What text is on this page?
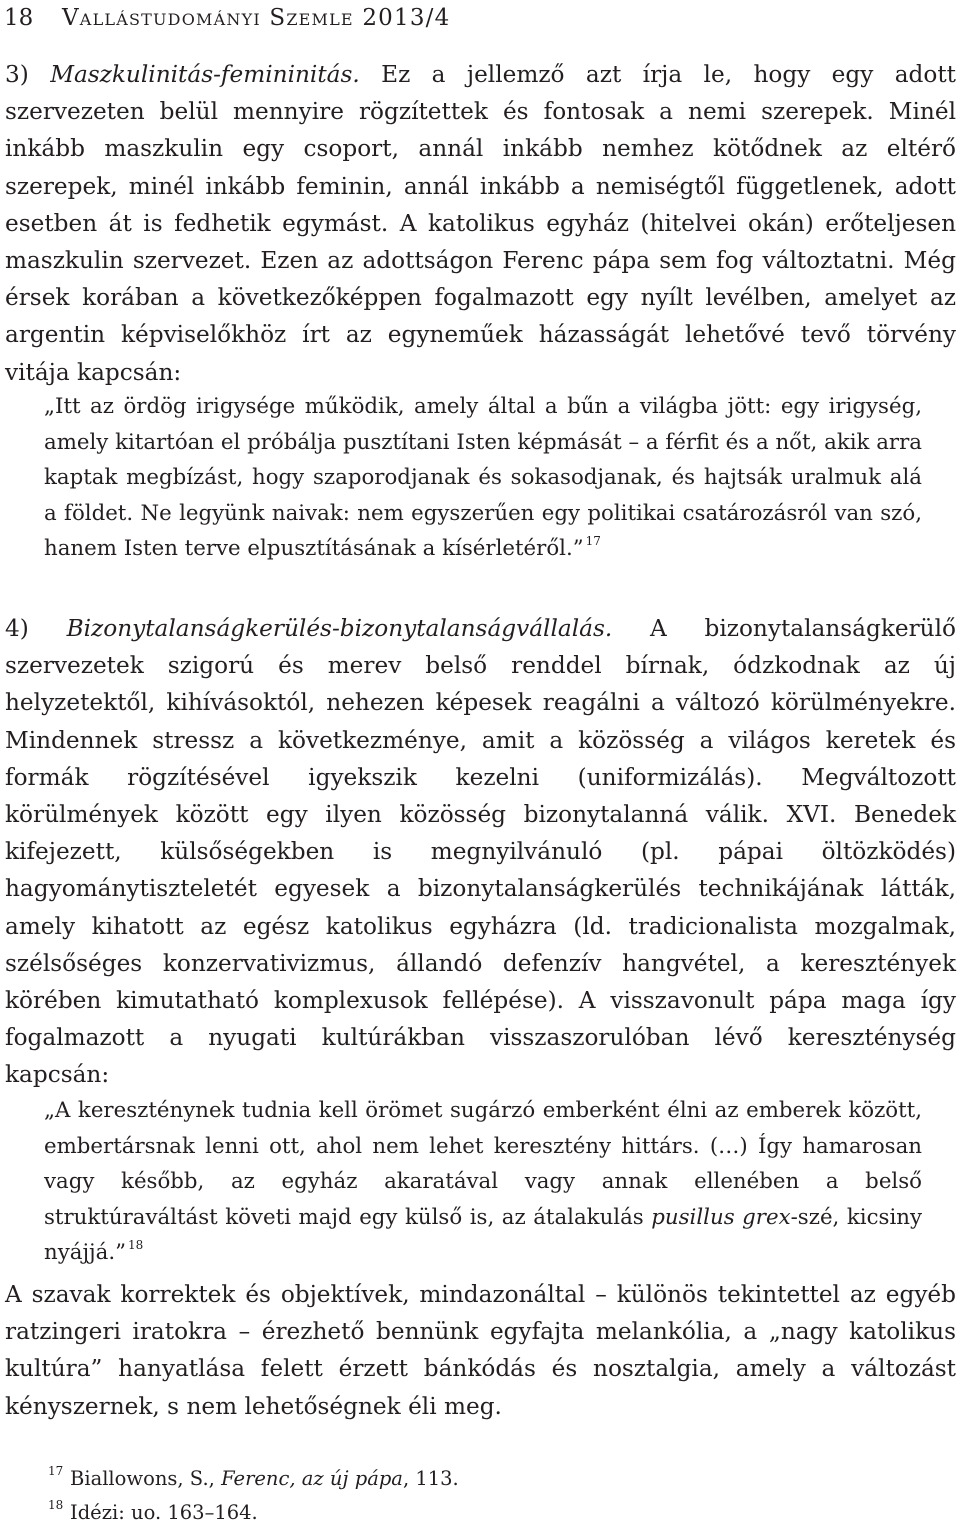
18 Vallástudományi Szemle 2013/4

3) Maszkulinitás-femininitás. Ez a jellemző azt írja le, hogy egy adott szervezeten belül mennyire rögzítettek és fontosak a nemi szerepek. Minél inkább maszkulin egy csoport, annál inkább nemhez kötődnek az eltérő szerepek, minél inkább feminin, annál inkább a nemiségtől függetlenek, adott esetben át is fedhetik egymást. A katolikus egyház (hitelvei okán) erőteljesen maszkulin szervezet. Ezen az adottságon Ferenc pápa sem fog változtatni. Még érsek korában a következőképpen fogalmazott egy nyílt levélben, amelyet az argentin képviselőkhöz írt az egyneműek házasságát lehetővé tevő törvény vitája kapcsán:

„Itt az ördög irigysége működik, amely által a bűn a világba jött: egy irigység, amely kitartóan el próbálja pusztítani Isten képmását – a férfit és a nőt, akik arra kaptak megbízást, hogy szaporodjanak és sokasodjanak, és hajtsák uralmuk alá a földet. Ne legyünk naivak: nem egyszerűen egy politikai csatározásról van szó, hanem Isten terve elpusztításának a kísérletéről.” $^{17}$

4) Bizonytalanságkerülés-bizonytalanságvállalás. A bizonytalanságkerülő szervezetek szigorú és merev belső renddel bírnak, ódzkodnak az új helyzetektől, kihívásoktól, nehezen képesek reagálni a változó körülményekre. Mindennek stressz a következménye, amit a közösség a világos keretek és formák rögzítésével igyekszik kezelni (uniformizálás). Megváltozott körülmények között egy ilyen közösség bizonytalanná válik. XVI. Benedek kifejezett, külsőségekben is megnyilvánuló (pl. pápai öltözködés) hagyománytiszteletét egyesek a bizonytalanságkerülés technikájának látták, amely kihatott az egész katolikus egyházra (ld. tradicionalista mozgalmak, szélsőséges konzervativizmus, állandó defenzív hangvétel, a keresztények körében kimutatható komplexusok fellépése). A visszavonult pápa maga így fogalmazott a nyugati kultúrákban visszaszorulóban lévő kereszténység kapcsán:

„A kereszténynek tudnia kell örömet sugárzó emberként élni az emberek között, embertársnak lenni ott, ahol nem lehet keresztény hittárs. (…) Így hamarosan vagy később, az egyház akaratával vagy annak ellenében a belső struktúraváltást követi majd egy külső is, az átalakulás pusillus grex-szé, kicsiny nyájjá.” $^{18}$

A szavak korrektek és objektívek, mindazonáltal – különös tekintettel az egyéb ratzingeri iratokra – érezhető bennünk egyfajta melankólia, a „nagy katolikus kultúra” hanyatlása felett érzett bánkódás és nosztalgia, amely a változást kényszernek, s nem lehetőségnek éli meg.

17 Biallowons, S., Ferenc, az új pápa, 113.
18 Idézi: uo. 163–164.
